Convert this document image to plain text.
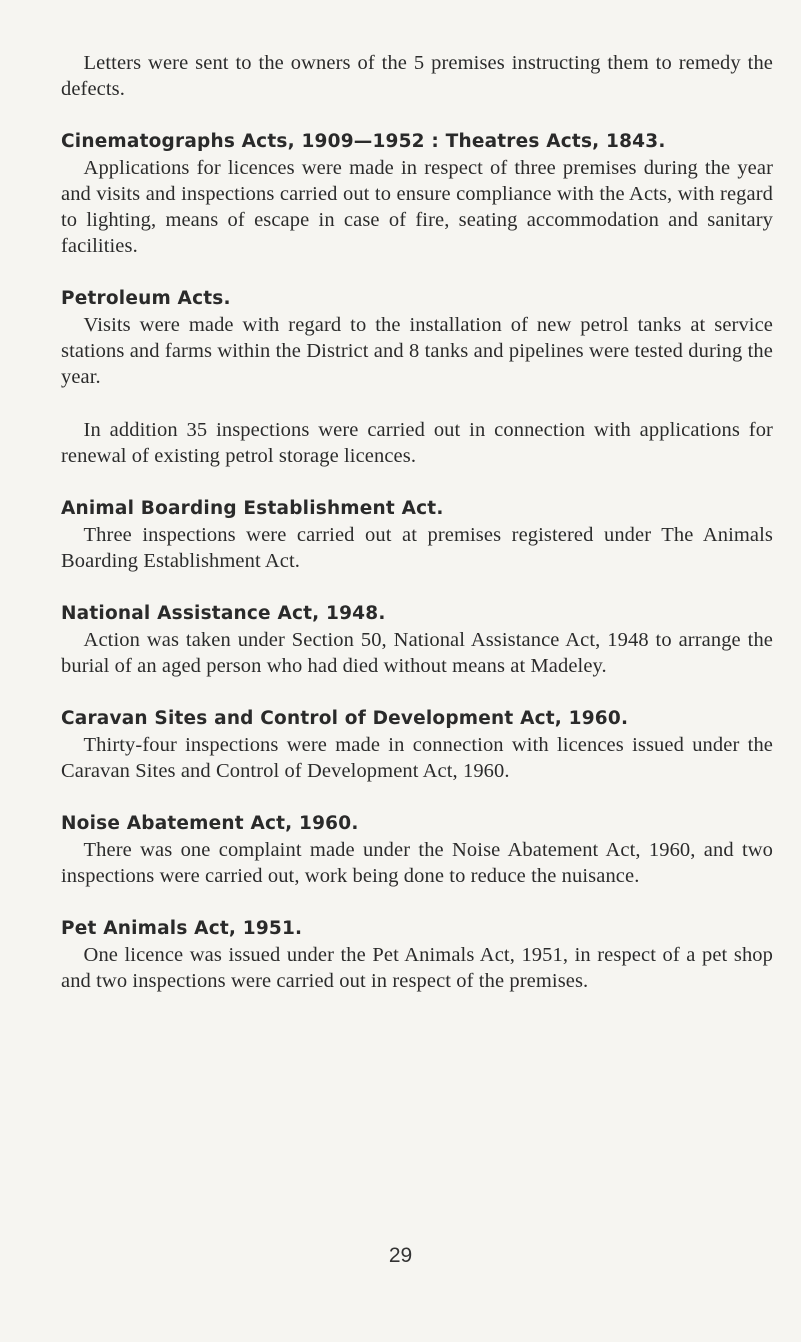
Letters were sent to the owners of the 5 premises instructing them to remedy the defects.

Cinematographs Acts, 1909—1952 : Theatres Acts, 1843.

Applications for licences were made in respect of three premises during the year and visits and inspections carried out to ensure compliance with the Acts, with regard to lighting, means of escape in case of fire, seating accommodation and sanitary facilities.

Petroleum Acts.

Visits were made with regard to the installation of new petrol tanks at service stations and farms within the District and 8 tanks and pipelines were tested during the year.

In addition 35 inspections were carried out in connection with applications for renewal of existing petrol storage licences.

Animal Boarding Establishment Act.

Three inspections were carried out at premises registered under The Animals Boarding Establishment Act.

National Assistance Act, 1948.

Action was taken under Section 50, National Assistance Act, 1948 to arrange the burial of an aged person who had died without means at Madeley.

Caravan Sites and Control of Development Act, 1960.

Thirty-four inspections were made in connection with licences issued under the Caravan Sites and Control of Development Act, 1960.

Noise Abatement Act, 1960.

There was one complaint made under the Noise Abatement Act, 1960, and two inspections were carried out, work being done to reduce the nuisance.

Pet Animals Act, 1951.

One licence was issued under the Pet Animals Act, 1951, in respect of a pet shop and two inspections were carried out in respect of the premises.

29
